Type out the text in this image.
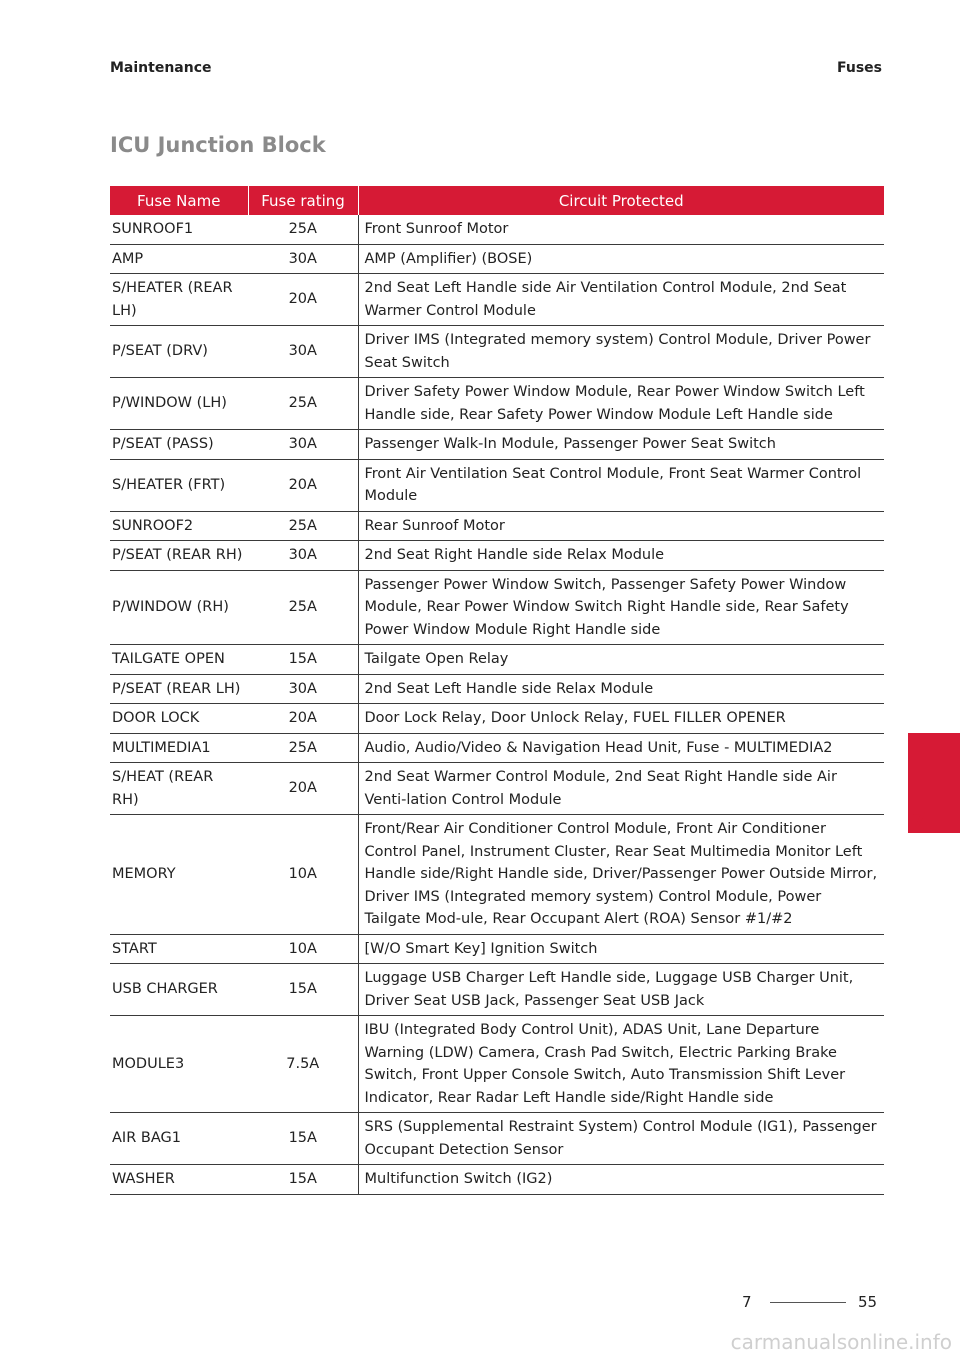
Maintenance	Fuses
ICU Junction Block
Fuse Name	Fuse rating	Circuit Protected
SUNROOF1	25A	Front Sunroof Motor
AMP	30A	AMP (Amplifier) (BOSE)
S/HEATER (REAR LH)	20A	2nd Seat Left Handle side Air Ventilation Control Module, 2nd Seat Warmer Control Module
P/SEAT (DRV)	30A	Driver IMS (Integrated memory system) Control Module, Driver Power Seat Switch
P/WINDOW (LH)	25A	Driver Safety Power Window Module, Rear Power Window Switch Left Handle side, Rear Safety Power Window Module Left Handle side
P/SEAT (PASS)	30A	Passenger Walk-In Module, Passenger Power Seat Switch
S/HEATER (FRT)	20A	Front Air Ventilation Seat Control Module, Front Seat Warmer Control Module
SUNROOF2	25A	Rear Sunroof Motor
P/SEAT (REAR RH)	30A	2nd Seat Right Handle side Relax Module
P/WINDOW (RH)	25A	Passenger Power Window Switch, Passenger Safety Power Window Module, Rear Power Window Switch Right Handle side, Rear Safety Power Window Module Right Handle side
TAILGATE OPEN	15A	Tailgate Open Relay
P/SEAT (REAR LH)	30A	2nd Seat Left Handle side Relax Module
DOOR LOCK	20A	Door Lock Relay, Door Unlock Relay, FUEL FILLER OPENER
MULTIMEDIA1	25A	Audio, Audio/Video & Navigation Head Unit, Fuse - MULTIMEDIA2
S/HEAT (REAR RH)	20A	2nd Seat Warmer Control Module, 2nd Seat Right Handle side Air Venti-lation Control Module
MEMORY	10A	Front/Rear Air Conditioner Control Module, Front Air Conditioner Control Panel, Instrument Cluster, Rear Seat Multimedia Monitor Left Handle side/Right Handle side, Driver/Passenger Power Outside Mirror, Driver IMS (Integrated memory system) Control Module, Power Tailgate Mod-ule, Rear Occupant Alert (ROA) Sensor #1/#2
START	10A	[W/O Smart Key] Ignition Switch
USB CHARGER	15A	Luggage USB Charger Left Handle side, Luggage USB Charger Unit, Driver Seat USB Jack, Passenger Seat USB Jack
MODULE3	7.5A	IBU (Integrated Body Control Unit), ADAS Unit, Lane Departure Warning (LDW) Camera, Crash Pad Switch, Electric Parking Brake Switch, Front Upper Console Switch, Auto Transmission Shift Lever Indicator, Rear Radar Left Handle side/Right Handle side
AIR BAG1	15A	SRS (Supplemental Restraint System) Control Module (IG1), Passenger Occupant Detection Sensor
WASHER	15A	Multifunction Switch (IG2)
7
7	55
carmanualsonline.info
